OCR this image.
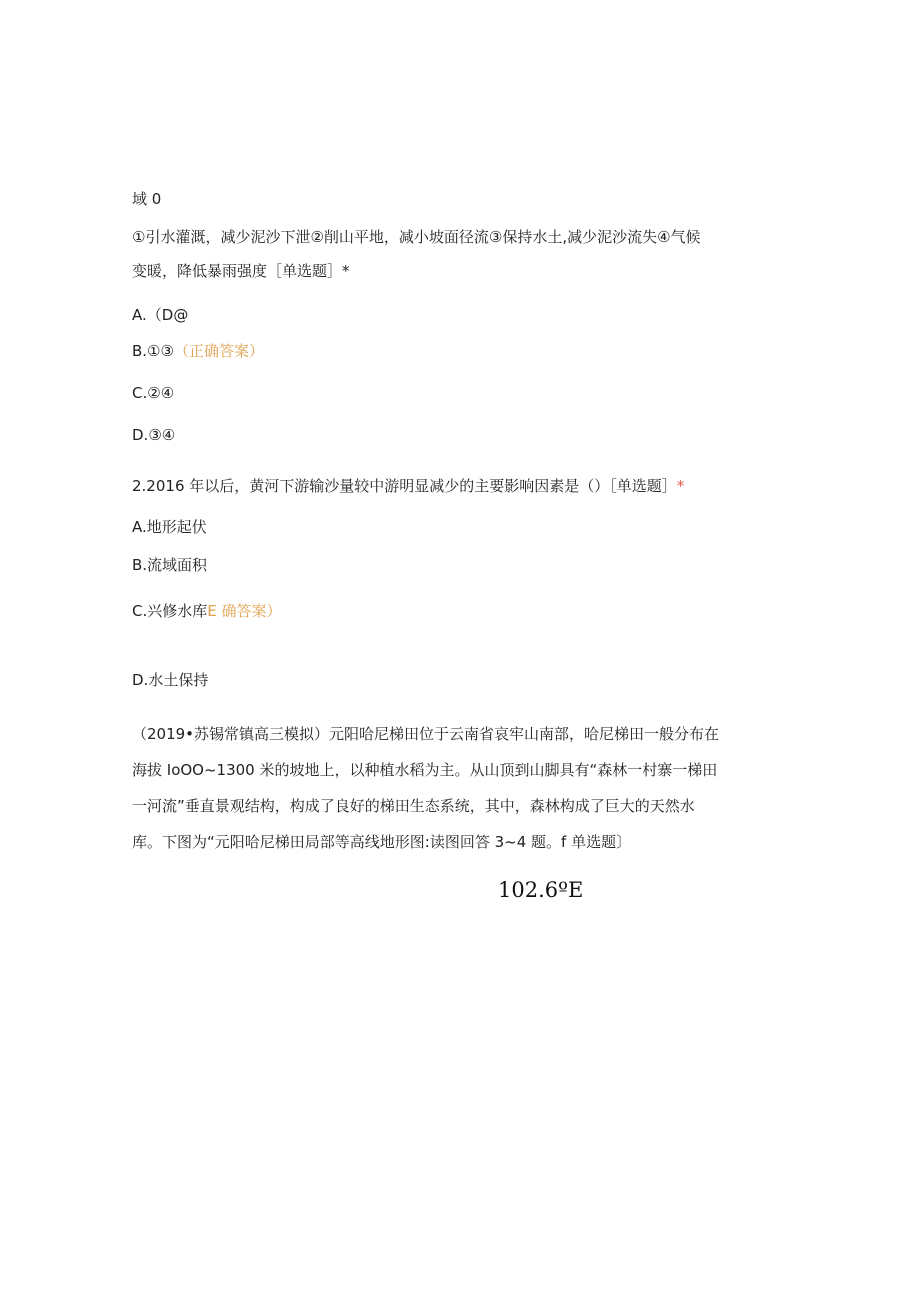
域 0
①引水灌溉，减少泥沙下泄②削山平地，减小坡面径流③保持水土,减少泥沙流失④气候
变暖，降低暴雨强度［单选题］*
A.（D@
B.①③（正确答案）
C.②④
D.③④
2.2016 年以后，黄河下游输沙量较中游明显减少的主要影响因素是（）［单选题］*
A.地形起伏
B.流域面积
C.兴修水库E 确答案）
D.水土保持
（2019•苏锡常镇高三模拟）元阳哈尼梯田位于云南省哀牢山南部，哈尼梯田一般分布在
海拔 IoOO~1300 米的坡地上，以种植水稻为主。从山顶到山脚具有“森林一村寨一梯田
一河流”垂直景观结构，构成了良好的梯田生态系统，其中，森林构成了巨大的天然水
库。下图为“元阳哈尼梯田局部等高线地形图:读图回答 3~4 题。f 单选题〕
102.6ºE
